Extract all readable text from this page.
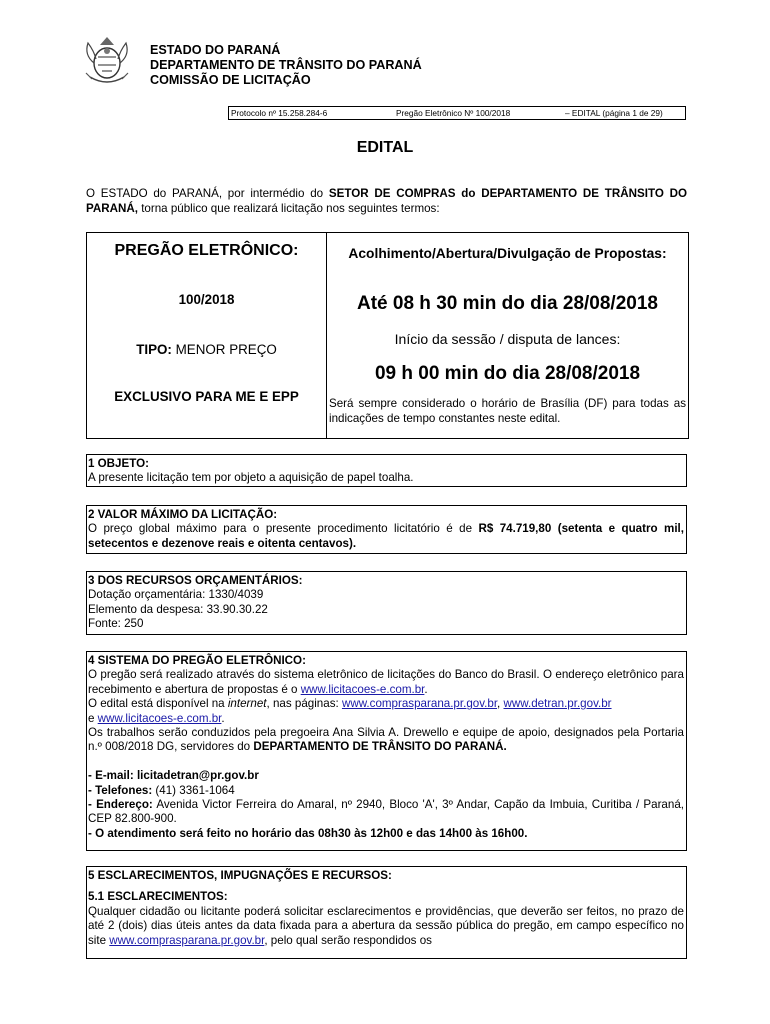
ESTADO DO PARANÁ
DEPARTAMENTO DE TRÂNSITO DO PARANÁ
COMISSÃO DE LICITAÇÃO
Protocolo nº 15.258.284-6	Pregão Eletrônico Nº 100/2018	– EDITAL (página 1 de 29)
EDITAL
O ESTADO do PARANÁ, por intermédio do SETOR DE COMPRAS do DEPARTAMENTO DE TRÂNSITO DO PARANÁ, torna público que realizará licitação nos seguintes termos:
PREGÃO ELETRÔNICO:
100/2018
TIPO: MENOR PREÇO
EXCLUSIVO PARA ME E EPP
Acolhimento/Abertura/Divulgação de Propostas:
Até 08 h 30 min do dia 28/08/2018
Início da sessão / disputa de lances:
09 h 00 min do dia 28/08/2018
Será sempre considerado o horário de Brasília (DF) para todas as indicações de tempo constantes neste edital.
1 OBJETO:
A presente licitação tem por objeto a aquisição de papel toalha.
2 VALOR MÁXIMO DA LICITAÇÃO:
O preço global máximo para o presente procedimento licitatório é de R$ 74.719,80 (setenta e quatro mil, setecentos e dezenove reais e oitenta centavos).
3 DOS RECURSOS ORÇAMENTÁRIOS:
Dotação orçamentária: 1330/4039
Elemento da despesa: 33.90.30.22
Fonte: 250
4 SISTEMA DO PREGÃO ELETRÔNICO:
O pregão será realizado através do sistema eletrônico de licitações do Banco do Brasil. O endereço eletrônico para recebimento e abertura de propostas é o www.licitacoes-e.com.br.
O edital está disponível na internet, nas páginas: www.comprasparana.pr.gov.br, www.detran.pr.gov.br
e www.licitacoes-e.com.br.
Os trabalhos serão conduzidos pela pregoeira Ana Silvia A. Drewello e equipe de apoio, designados pela Portaria n.º 008/2018 DG, servidores do DEPARTAMENTO DE TRÂNSITO DO PARANÁ.

- E-mail: licitadetran@pr.gov.br
- Telefones: (41) 3361-1064
- Endereço: Avenida Victor Ferreira do Amaral, nº 2940, Bloco 'A', 3º Andar, Capão da Imbuia, Curitiba / Paraná, CEP 82.800-900.
- O atendimento será feito no horário das 08h30 às 12h00 e das 14h00 às 16h00.
5 ESCLARECIMENTOS, IMPUGNAÇÕES E RECURSOS:

5.1 ESCLARECIMENTOS:
Qualquer cidadão ou licitante poderá solicitar esclarecimentos e providências, que deverão ser feitos, no prazo de até 2 (dois) dias úteis antes da data fixada para a abertura da sessão pública do pregão, em campo específico no site www.comprasparana.pr.gov.br, pelo qual serão respondidos os
